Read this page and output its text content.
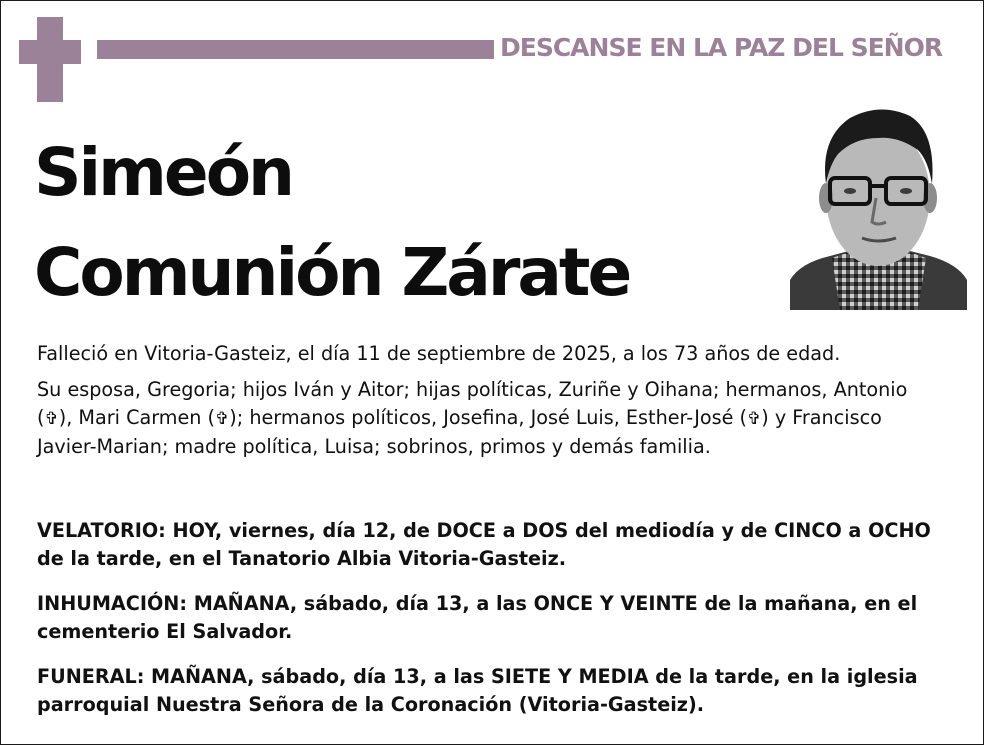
DESCANSE EN LA PAZ DEL SEÑOR
Simeón
Comunión Zárate
Falleció en Vitoria-Gasteiz, el día 11 de septiembre de 2025, a los 73 años de edad.
Su esposa, Gregoria; hijos Iván y Aitor; hijas políticas, Zuriñe y Oihana; hermanos, Antonio (✞), Mari Carmen (✞); hermanos políticos, Josefina, José Luis, Esther-José (✞) y Francisco Javier-Marian; madre política, Luisa; sobrinos, primos y demás familia.
VELATORIO: HOY, viernes, día 12, de DOCE a DOS del mediodía y de CINCO a OCHO de la tarde, en el Tanatorio Albia Vitoria-Gasteiz.
INHUMACIÓN: MAÑANA, sábado, día 13, a las ONCE Y VEINTE de la mañana, en el cementerio El Salvador.
FUNERAL: MAÑANA, sábado, día 13, a las SIETE Y MEDIA de la tarde, en la iglesia parroquial Nuestra Señora de la Coronación (Vitoria-Gasteiz).
